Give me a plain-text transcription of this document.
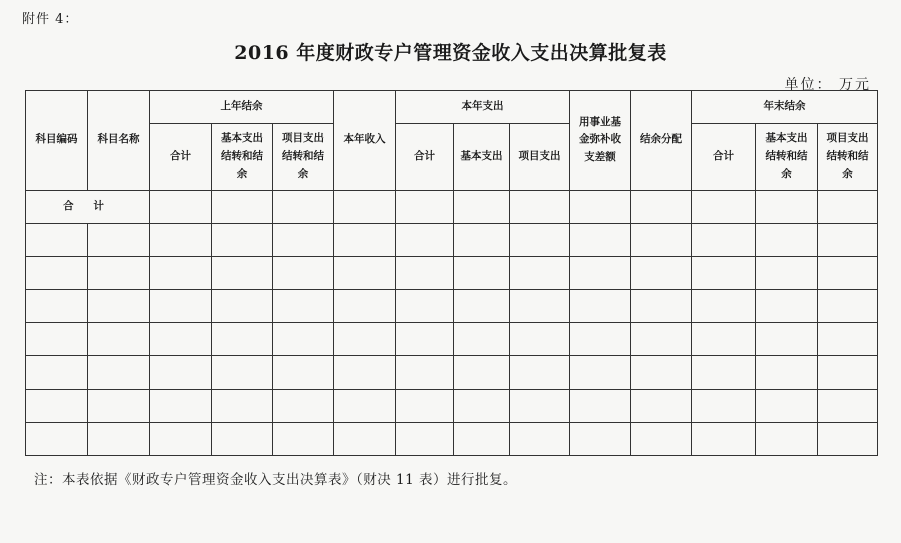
附件 4：
2016 年度财政专户管理资金收入支出决算批复表
单位： 万元
科目编码	科目名称	上年结余			本年收入	本年支出			用事业基金弥补收支差额	结余分配	年末结余		
		合计	基本支出结转和结余	项目支出结转和结余		合计	基本支出	项目支出			合计	基本支出结转和结余	项目支出结转和结余
合 计													

注：本表依据《财政专户管理资金收入支出决算表》（财决 11 表）进行批复。
